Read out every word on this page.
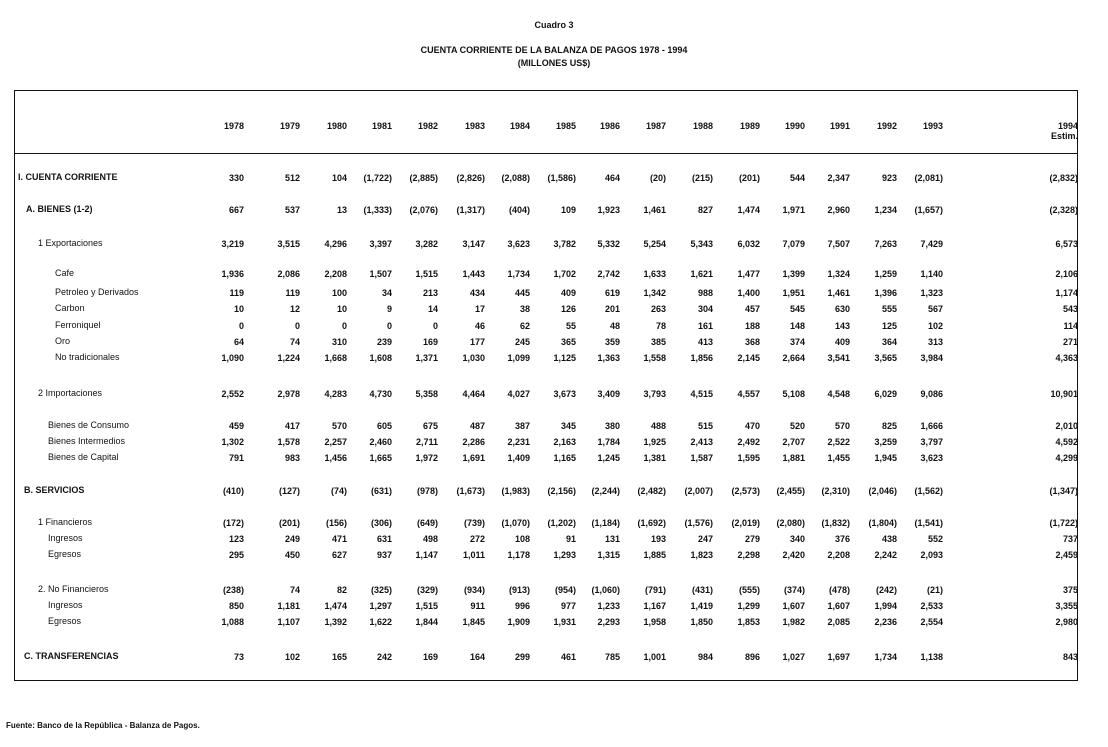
Cuadro 3
CUENTA CORRIENTE DE LA BALANZA DE PAGOS 1978 - 1994
(MILLONES US$)
1978	1979	1980	1981	1982	1983	1984	1985	1986	1987	1988	1989	1990	1991	1992	1993	1994
Estim.
I. CUENTA CORRIENTE	330	512	104	(1,722)	(2,885)	(2,826)	(2,088)	(1,586)	464	(20)	(215)	(201)	544	2,347	923	(2,081)	(2,832)
A. BIENES (1-2)	667	537	13	(1,333)	(2,076)	(1,317)	(404)	109	1,923	1,461	827	1,474	1,971	2,960	1,234	(1,657)	(2,328)
1 Exportaciones	3,219	3,515	4,296	3,397	3,282	3,147	3,623	3,782	5,332	5,254	5,343	6,032	7,079	7,507	7,263	7,429	6,573
Cafe	1,936	2,086	2,208	1,507	1,515	1,443	1,734	1,702	2,742	1,633	1,621	1,477	1,399	1,324	1,259	1,140	2,106
Petroleo y Derivados	119	119	100	34	213	434	445	409	619	1,342	988	1,400	1,951	1,461	1,396	1,323	1,174
Carbon	10	12	10	9	14	17	38	126	201	263	304	457	545	630	555	567	543
Ferroniquel	0	0	0	0	0	46	62	55	48	78	161	188	148	143	125	102	114
Oro	64	74	310	239	169	177	245	365	359	385	413	368	374	409	364	313	271
No tradicionales	1,090	1,224	1,668	1,608	1,371	1,030	1,099	1,125	1,363	1,558	1,856	2,145	2,664	3,541	3,565	3,984	4,363
2 Importaciones	2,552	2,978	4,283	4,730	5,358	4,464	4,027	3,673	3,409	3,793	4,515	4,557	5,108	4,548	6,029	9,086	10,901
Bienes de Consumo	459	417	570	605	675	487	387	345	380	488	515	470	520	570	825	1,666	2,010
Bienes Intermedios	1,302	1,578	2,257	2,460	2,711	2,286	2,231	2,163	1,784	1,925	2,413	2,492	2,707	2,522	3,259	3,797	4,592
Bienes de Capital	791	983	1,456	1,665	1,972	1,691	1,409	1,165	1,245	1,381	1,587	1,595	1,881	1,455	1,945	3,623	4,299
B. SERVICIOS	(410)	(127)	(74)	(631)	(978)	(1,673)	(1,983)	(2,156)	(2,244)	(2,482)	(2,007)	(2,573)	(2,455)	(2,310)	(2,046)	(1,562)	(1,347)
1 Financieros	(172)	(201)	(156)	(306)	(649)	(739)	(1,070)	(1,202)	(1,184)	(1,692)	(1,576)	(2,019)	(2,080)	(1,832)	(1,804)	(1,541)	(1,722)
Ingresos	123	249	471	631	498	272	108	91	131	193	247	279	340	376	438	552	737
Egresos	295	450	627	937	1,147	1,011	1,178	1,293	1,315	1,885	1,823	2,298	2,420	2,208	2,242	2,093	2,459
2. No Financieros	(238)	74	82	(325)	(329)	(934)	(913)	(954)	(1,060)	(791)	(431)	(555)	(374)	(478)	(242)	(21)	375
Ingresos	850	1,181	1,474	1,297	1,515	911	996	977	1,233	1,167	1,419	1,299	1,607	1,607	1,994	2,533	3,355
Egresos	1,088	1,107	1,392	1,622	1,844	1,845	1,909	1,931	2,293	1,958	1,850	1,853	1,982	2,085	2,236	2,554	2,980
C. TRANSFERENCIAS	73	102	165	242	169	164	299	461	785	1,001	984	896	1,027	1,697	1,734	1,138	843
Fuente: Banco de la República - Balanza de Pagos.
